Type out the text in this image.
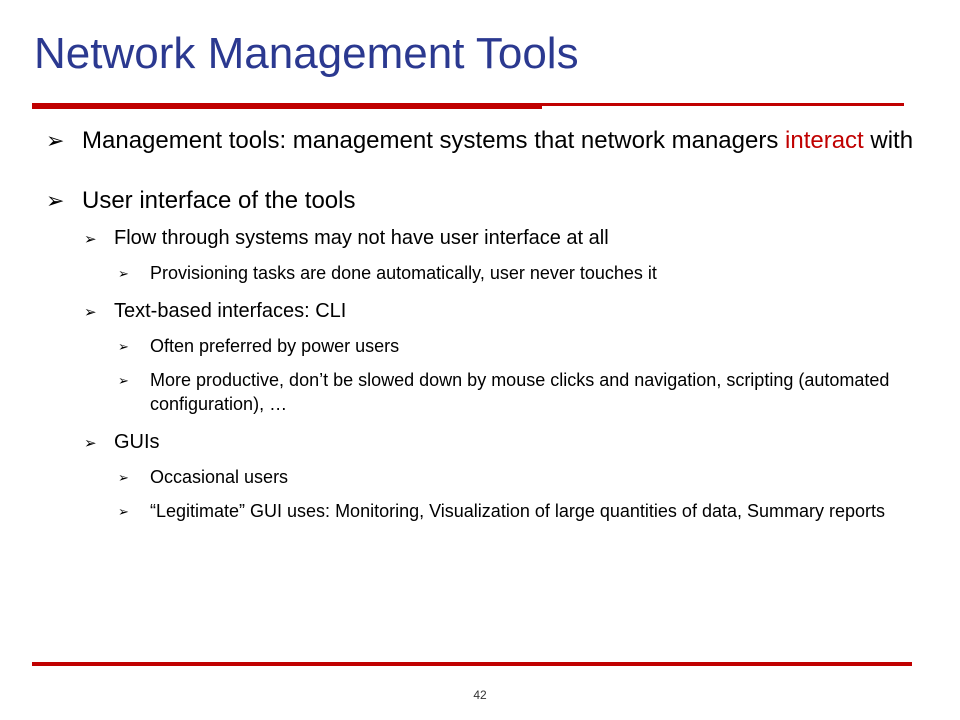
Network Management Tools
➢ Management tools: management systems that network managers interact with
➢ User interface of the tools
➢ Flow through systems may not have user interface at all
➢ Provisioning tasks are done automatically, user never touches it
➢ Text-based interfaces: CLI
➢ Often preferred by power users
➢ More productive, don’t be slowed down by mouse clicks and navigation, scripting (automated configuration), …
➢ GUIs
➢ Occasional users
➢ “Legitimate” GUI uses: Monitoring, Visualization of large quantities of data, Summary reports
42
